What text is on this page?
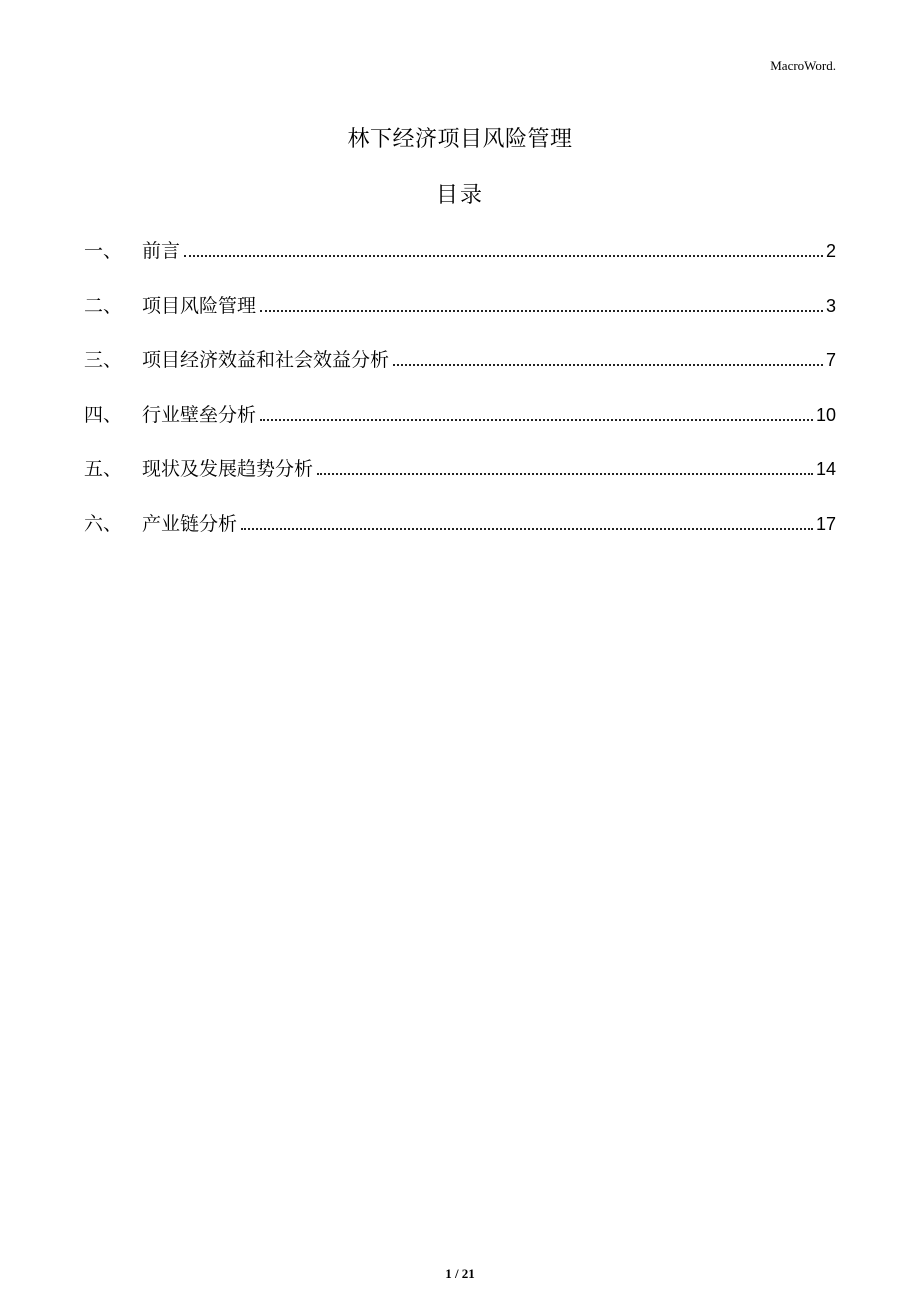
MacroWord.
林下经济项目风险管理
目录
一、	前言	2
二、	项目风险管理	3
三、	项目经济效益和社会效益分析	7
四、	行业壁垒分析	10
五、	现状及发展趋势分析	14
六、	产业链分析	17
1 / 21
